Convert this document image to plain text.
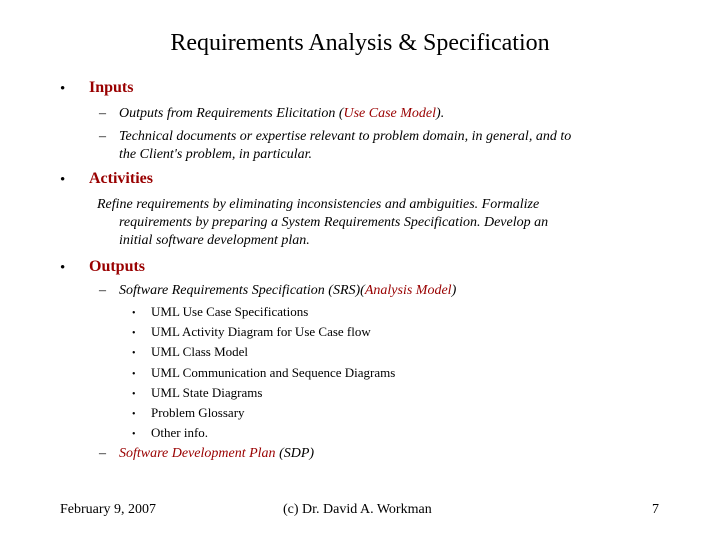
Requirements Analysis & Specification
• Inputs
– Outputs from Requirements Elicitation (Use Case Model).
– Technical documents or expertise relevant to problem domain, in general, and to
the Client's problem, in particular.
• Activities
Refine requirements by eliminating inconsistencies and ambiguities. Formalize
requirements by preparing a System Requirements Specification. Develop an
initial software development plan.
• Outputs
– Software Requirements Specification (SRS)(Analysis Model)
• UML Use Case Specifications
• UML Activity Diagram for Use Case flow
• UML Class Model
• UML Communication and Sequence Diagrams
• UML State Diagrams
• Problem Glossary
• Other info.
– Software Development Plan (SDP)
February 9, 2007	(c) Dr. David A. Workman	7
